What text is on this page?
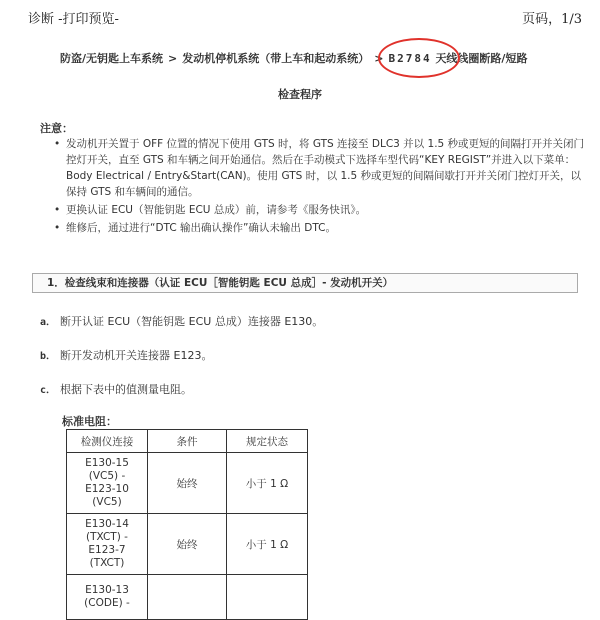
诊断 -打印预览-	页码，1/3
防盗/无钥匙上车系统 > 发动机停机系统（带上车和起动系统） > B2784 天线线圈断路/短路
检查程序
注意：
• 发动机开关置于 OFF 位置的情况下使用 GTS 时，将 GTS 连接至 DLC3 并以 1.5 秒或更短的间隔打开并关闭门控灯开关，直至 GTS 和车辆之间开始通信。然后在手动模式下选择车型代码“KEY REGIST”并进入以下菜单：Body Electrical / Entry&Start(CAN)。使用 GTS 时，以 1.5 秒或更短的间隔间歇打开并关闭门控灯开关，以保持 GTS 和车辆间的通信。
• 更换认证 ECU（智能钥匙 ECU 总成）前，请参考《服务快讯》。
• 维修后，通过进行“DTC 输出确认操作”确认未输出 DTC。
1．检查线束和连接器（认证 ECU［智能钥匙 ECU 总成］- 发动机开关）
a． 断开认证 ECU（智能钥匙 ECU 总成）连接器 E130。
b． 断开发动机开关连接器 E123。
c． 根据下表中的值测量电阻。
标准电阻：
检测仪连接	条件	规定状态

E130-15
(VC5) -
E123-10
(VC5)	始终	小于 1 Ω

E130-14
(TXCT) -
E123-7
(TXCT)	始终	小于 1 Ω

E130-13
(CODE) -		
